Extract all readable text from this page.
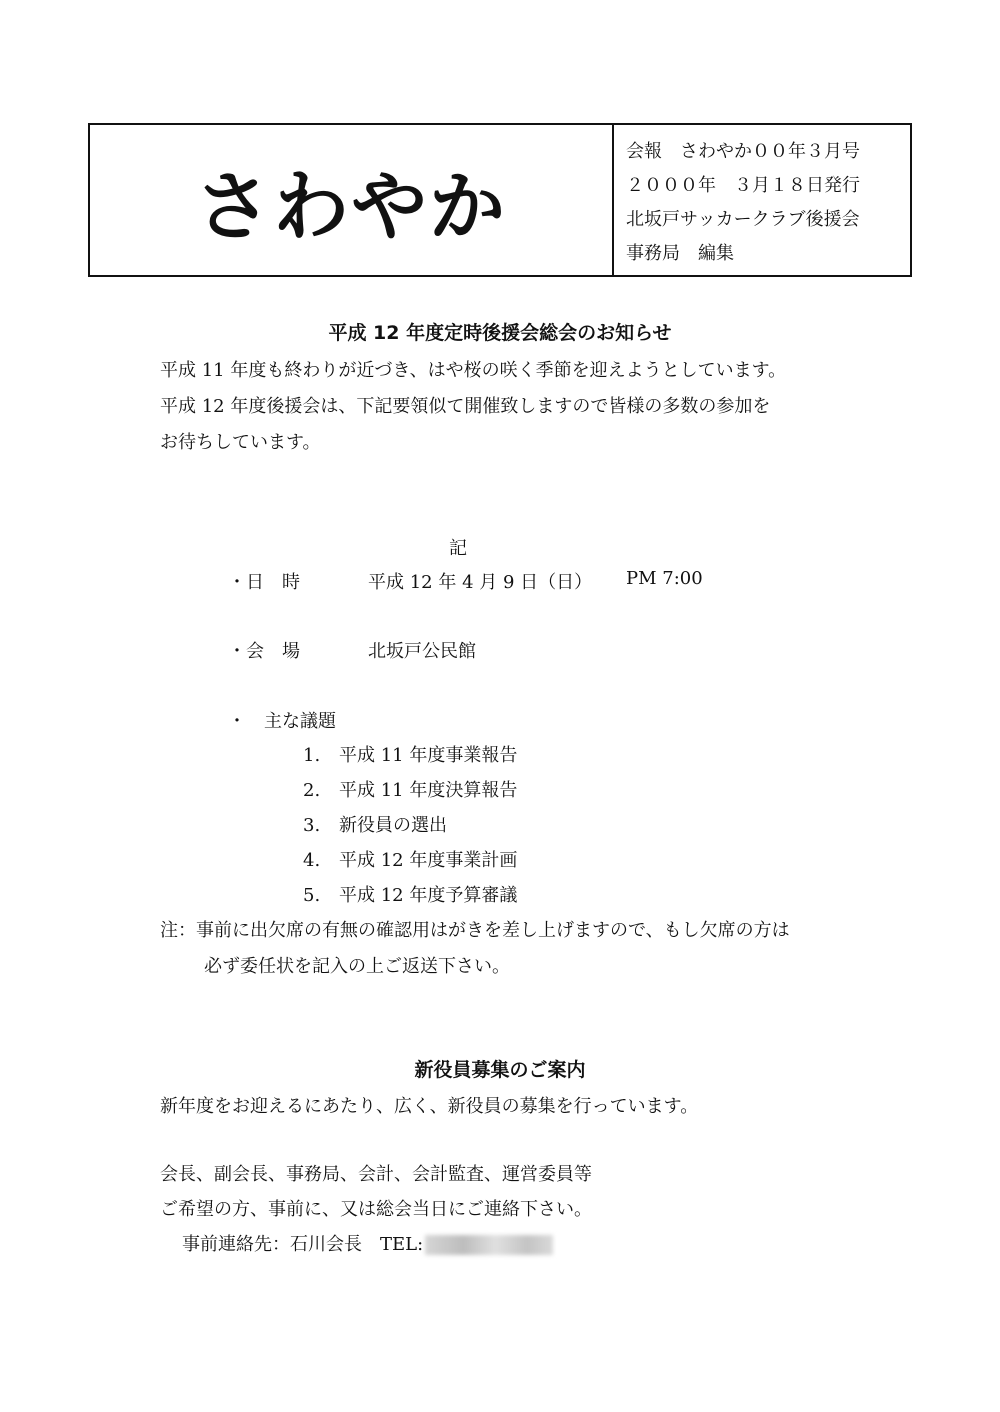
さわやか
会報　さわやか００年３月号
２０００年　３月１８日発行
北坂戸サッカークラブ後援会
事務局　編集
平成 12 年度定時後援会総会のお知らせ
平成 11 年度も終わりが近づき、はや桜の咲く季節を迎えようとしています。
平成 12 年度後援会は、下記要領似て開催致しますので皆様の多数の参加を
お待ちしています。
記
・日　時	平成 12 年 4 月 9 日（日） PM 7:00
・会　場	北坂戸公民館
・　主な議題
1. 平成 11 年度事業報告
2. 平成 11 年度決算報告
3. 新役員の選出
4. 平成 12 年度事業計画
5. 平成 12 年度予算審議
注：事前に出欠席の有無の確認用はがきを差し上げますので、もし欠席の方は
必ず委任状を記入の上ご返送下さい。
新役員募集のご案内
新年度をお迎えるにあたり、広く、新役員の募集を行っています。
会長、副会長、事務局、会計、会計監査、運営委員等
ご希望の方、事前に、又は総会当日にご連絡下さい。
事前連絡先：石川会長　TEL:
